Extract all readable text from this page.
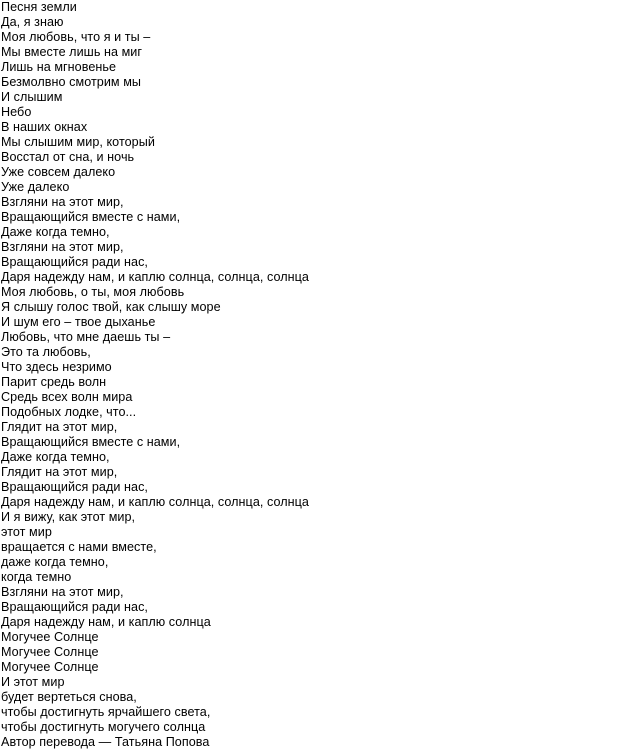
Песня земли
Да, я знаю
Моя любовь, что я и ты –
Мы вместе лишь на миг
Лишь на мгновенье
Безмолвно смотрим мы
И слышим
Небо
В наших окнах
Мы слышим мир, который
Восстал от сна, и ночь
Уже совсем далеко
Уже далеко
Взгляни на этот мир,
Вращающийся вместе с нами,
Даже когда темно,
Взгляни на этот мир,
Вращающийся ради нас,
Даря надежду нам, и каплю солнца, солнца, солнца
Моя любовь, о ты, моя любовь
Я слышу голос твой, как слышу море
И шум его – твое дыханье
Любовь, что мне даешь ты –
Это та любовь,
Что здесь незримо
Парит средь волн
Средь всех волн мира
Подобных лодке, что...
Глядит на этот мир,
Вращающийся вместе с нами,
Даже когда темно,
Глядит на этот мир,
Вращающийся ради нас,
Даря надежду нам, и каплю солнца, солнца, солнца
И я вижу, как этот мир,
этот мир
вращается с нами вместе,
даже когда темно,
когда темно
Взгляни на этот мир,
Вращающийся ради нас,
Даря надежду нам, и каплю солнца
Могучее Солнце
Могучее Солнце
Могучее Солнце
И этот мир
будет вертеться снова,
чтобы достигнуть ярчайшего света,
чтобы достигнуть могучего солнца
Автор перевода — Татьяна Попова
